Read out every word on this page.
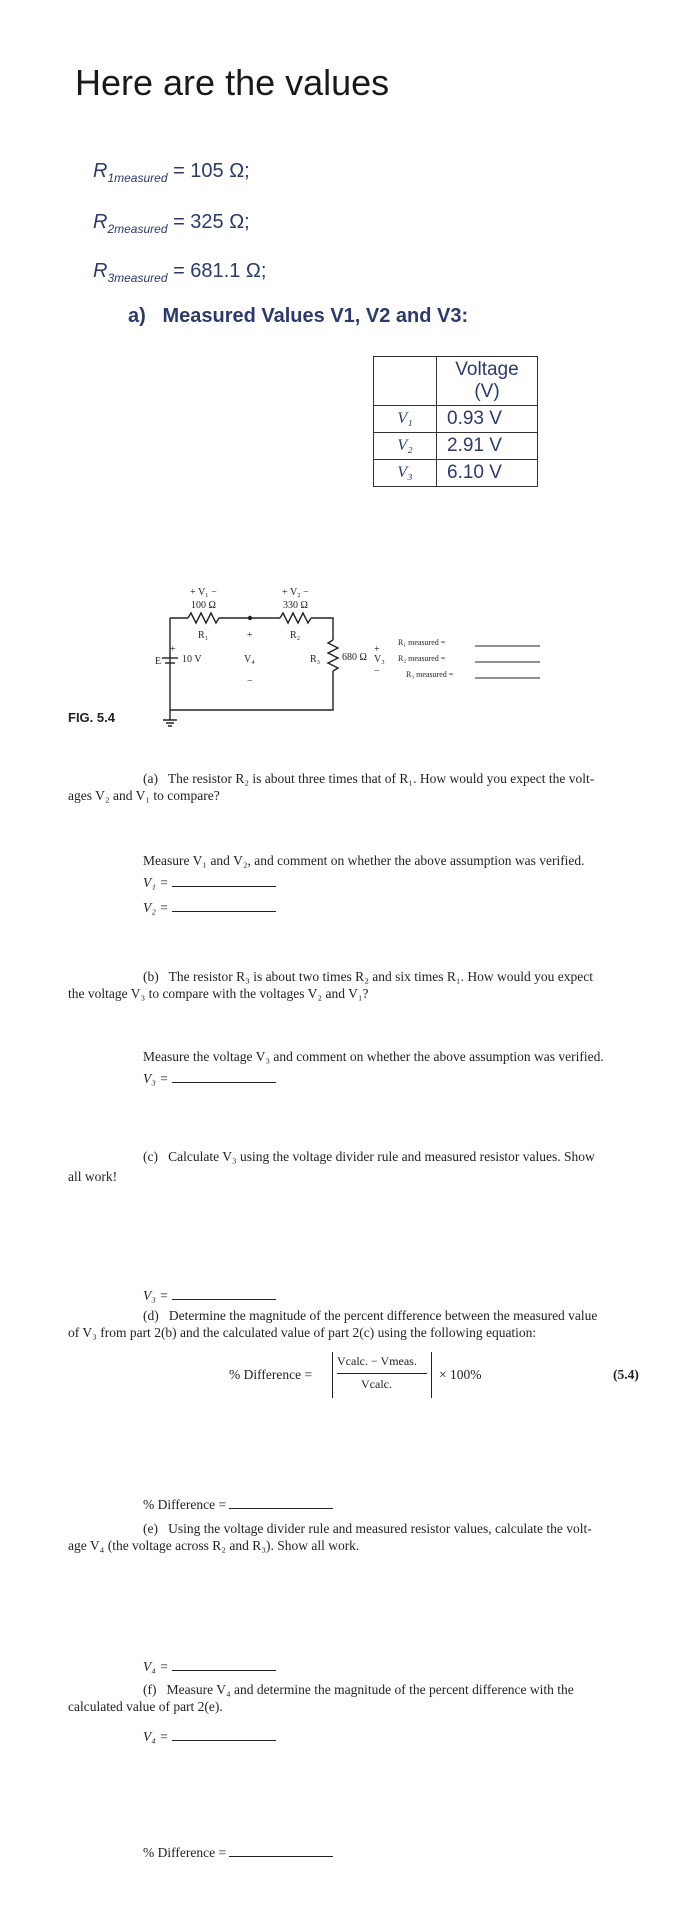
Here are the values
$R_{1measured} = 105$ Ω;
$R_{2measured} = 325$ Ω;
$R_{3measured} = 681.1$ Ω;
a)   Measured Values V1, V2 and V3:
	Voltage (V)
V₁	0.93 V
V₂	2.91 V
V₃	6.10 V
+ V₁ −	+ V₂ −
100 Ω	330 Ω
R₁	R₂
+
V₄
−
E
+
10 V	R₃ 680 Ω
+
V₃
−
R₁ measured =
R₂ measured =
R₃ measured =
FIG. 5.4
(a)   The resistor R₂ is about three times that of R₁. How would you expect the volt-
ages V₂ and V₁ to compare?
Measure V₁ and V₂, and comment on whether the above assumption was verified.
V₁ =
V₂ =
(b)   The resistor R₃ is about two times R₂ and six times R₁. How would you expect
the voltage V₃ to compare with the voltages V₂ and V₁?
Measure the voltage V₃ and comment on whether the above assumption was verified.
V₃ =
(c)   Calculate V₃ using the voltage divider rule and measured resistor values. Show
all work!
V₃ =
(d)   Determine the magnitude of the percent difference between the measured value
of V₃ from part 2(b) and the calculated value of part 2(c) using the following equation:
% Difference =
Vcalc. − Vmeas.
Vcalc.
× 100%	(5.4)
% Difference =
(e)   Using the voltage divider rule and measured resistor values, calculate the volt-
age V₄ (the voltage across R₂ and R₃). Show all work.
V₄ =
(f)   Measure V₄ and determine the magnitude of the percent difference with the
calculated value of part 2(e).
V₄ =
% Difference =
